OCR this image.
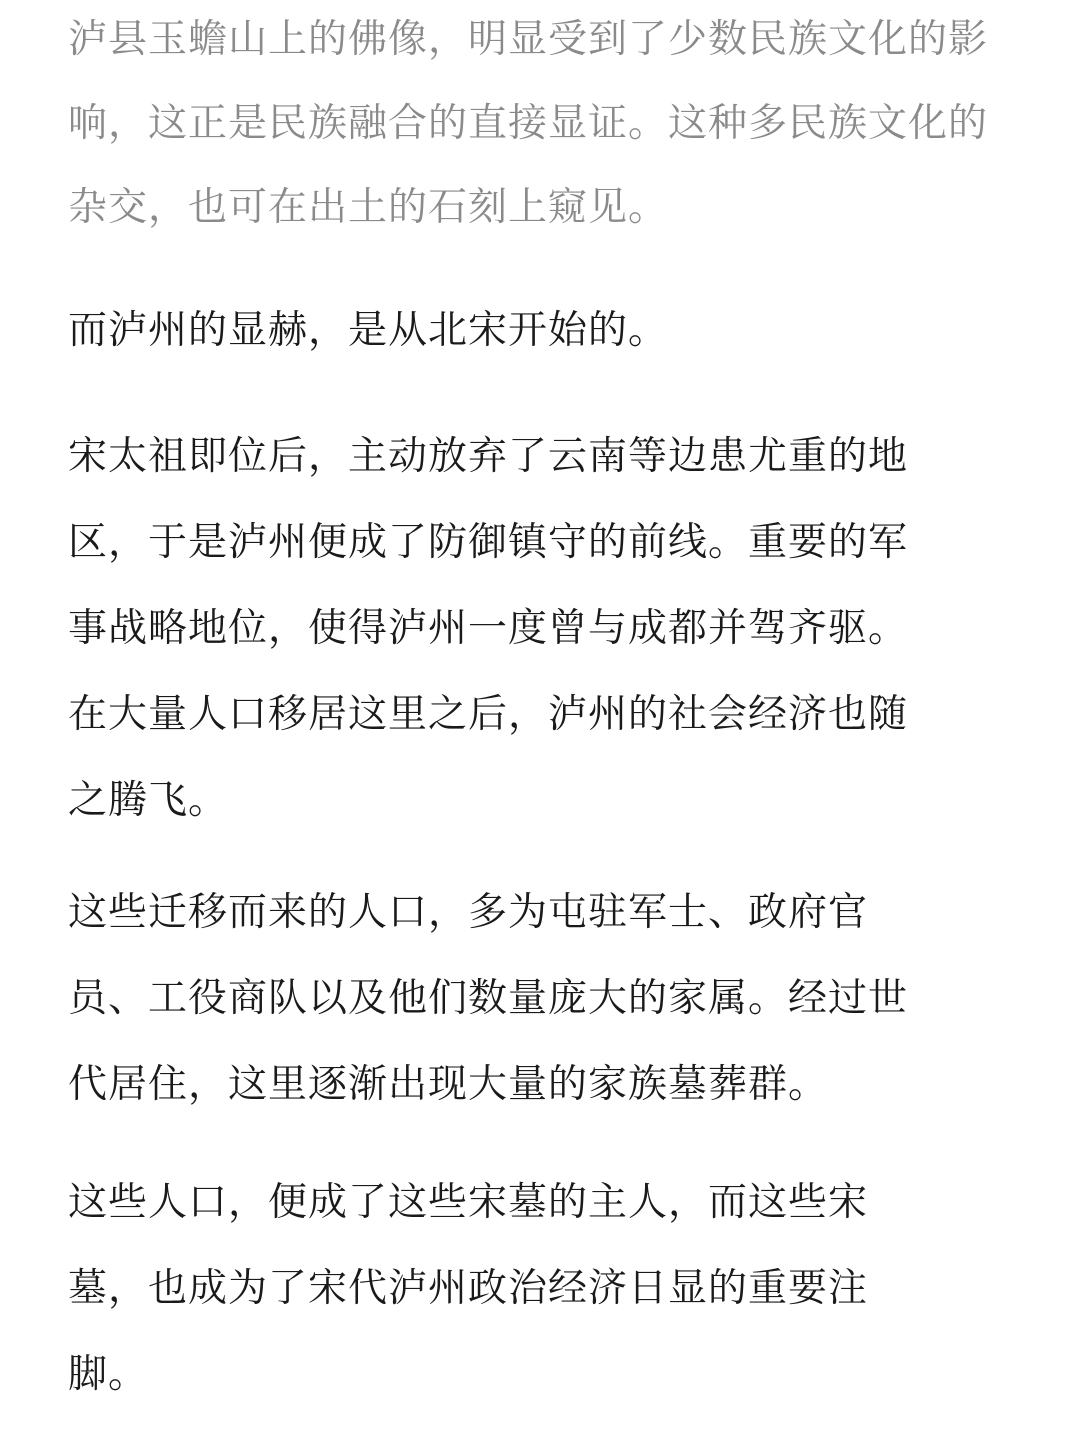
泸县玉蟾山上的佛像，明显受到了少数民族文化的影
响，这正是民族融合的直接显证。这种多民族文化的
杂交，也可在出土的石刻上窥见。

而泸州的显赫，是从北宋开始的。

宋太祖即位后，主动放弃了云南等边患尤重的地
区，于是泸州便成了防御镇守的前线。重要的军
事战略地位，使得泸州一度曾与成都并驾齐驱。
在大量人口移居这里之后，泸州的社会经济也随
之腾飞。

这些迁移而来的人口，多为屯驻军士、政府官
员、工役商队以及他们数量庞大的家属。经过世
代居住，这里逐渐出现大量的家族墓葬群。

这些人口，便成了这些宋墓的主人，而这些宋
墓，也成为了宋代泸州政治经济日显的重要注
脚。
